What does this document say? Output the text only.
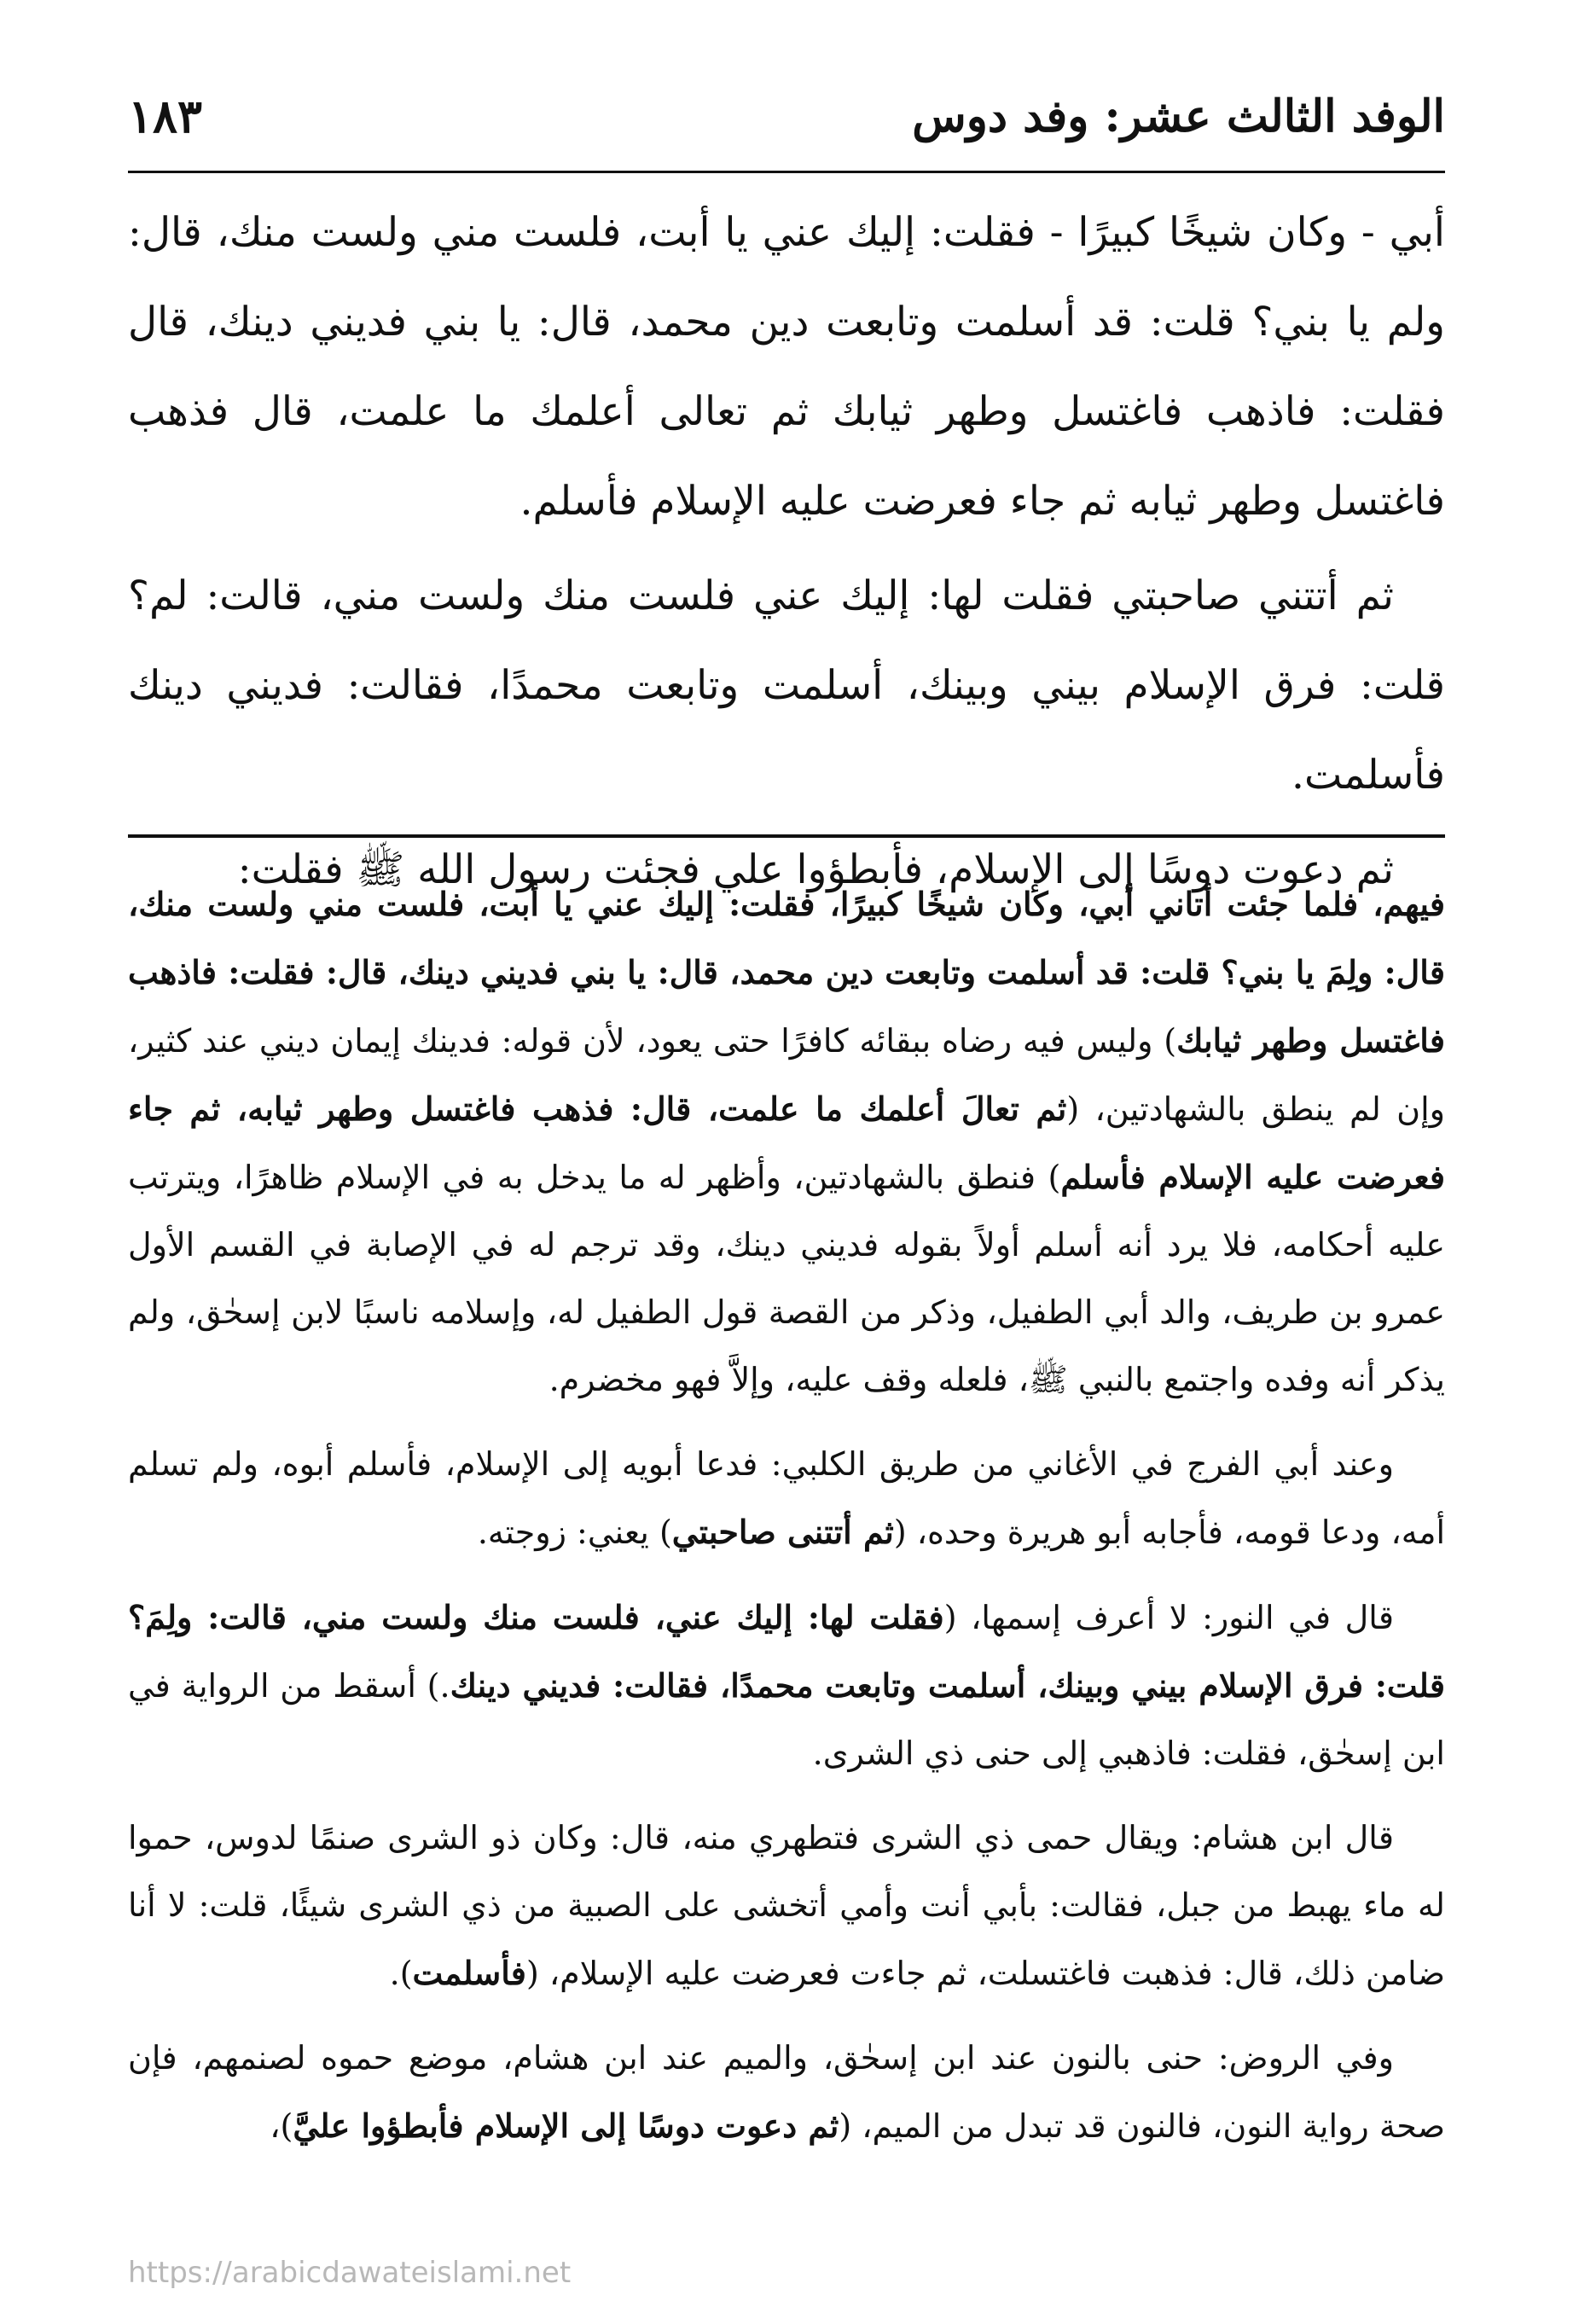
الوفد الثالث عشر: وفد دوس
١٨٣

أبي - وكان شيخًا كبيرًا - فقلت: إليك عني يا أبت، فلست مني ولست منك، قال: ولم يا بني؟ قلت: قد أسلمت وتابعت دين محمد، قال: يا بني فديني دينك، قال فقلت: فاذهب فاغتسل وطهر ثيابك ثم تعالى أعلمك ما علمت، قال فذهب فاغتسل وطهر ثيابه ثم جاء فعرضت عليه الإسلام فأسلم.

ثم أتتني صاحبتي فقلت لها: إليك عني فلست منك ولست مني، قالت: لم؟ قلت: فرق الإسلام بيني وبينك، أسلمت وتابعت محمدًا، فقالت: فديني دينك فأسلمت.

ثم دعوت دوسًا إلى الإسلام، فأبطؤوا علي فجئت رسول الله ﷺ فقلت:

فيهم، فلما جئت أتاني أبي، وكان شيخًا كبيرًا، فقلت: إليك عني يا أبت، فلست مني ولست منك، قال: ولِمَ يا بني؟ قلت: قد أسلمت وتابعت دين محمد، قال: يا بني فديني دينك، قال: فقلت: فاذهب فاغتسل وطهر ثيابك) وليس فيه رضاه ببقائه كافرًا حتى يعود، لأن قوله: فدينك إيمان ديني عند كثير، وإن لم ينطق بالشهادتين، (ثم تعالَ أعلمك ما علمت، قال: فذهب فاغتسل وطهر ثيابه، ثم جاء فعرضت عليه الإسلام فأسلم) فنطق بالشهادتين، وأظهر له ما يدخل به في الإسلام ظاهرًا، ويترتب عليه أحكامه، فلا يرد أنه أسلم أولاً بقوله فديني دينك، وقد ترجم له في الإصابة في القسم الأول عمرو بن طريف، والد أبي الطفيل، وذكر من القصة قول الطفيل له، وإسلامه ناسبًا لابن إسحٰق، ولم يذكر أنه وفده واجتمع بالنبي ﷺ، فلعله وقف عليه، وإلاَّ فهو مخضرم.

وعند أبي الفرج في الأغاني من طريق الكلبي: فدعا أبويه إلى الإسلام، فأسلم أبوه، ولم تسلم أمه، ودعا قومه، فأجابه أبو هريرة وحده، (ثم أتتنى صاحبتي) يعني: زوجته.

قال في النور: لا أعرف إسمها، (فقلت لها: إليك عني، فلست منك ولست مني، قالت: ولِمَ؟ قلت: فرق الإسلام بيني وبينك، أسلمت وتابعت محمدًا، فقالت: فديني دينك.) أسقط من الرواية في ابن إسحٰق، فقلت: فاذهبي إلى حنى ذي الشرى.

قال ابن هشام: ويقال حمى ذي الشرى فتطهري منه، قال: وكان ذو الشرى صنمًا لدوس، حموا له ماء يهبط من جبل، فقالت: بأبي أنت وأمي أتخشى على الصبية من ذي الشرى شيئًا، قلت: لا أنا ضامن ذلك، قال: فذهبت فاغتسلت، ثم جاءت فعرضت عليه الإسلام، (فأسلمت).

وفي الروض: حنى بالنون عند ابن إسحٰق، والميم عند ابن هشام، موضع حموه لصنمهم، فإن صحة رواية النون، فالنون قد تبدل من الميم، (ثم دعوت دوسًا إلى الإسلام فأبطؤوا عليَّ)،

https://arabicdawateislami.net
